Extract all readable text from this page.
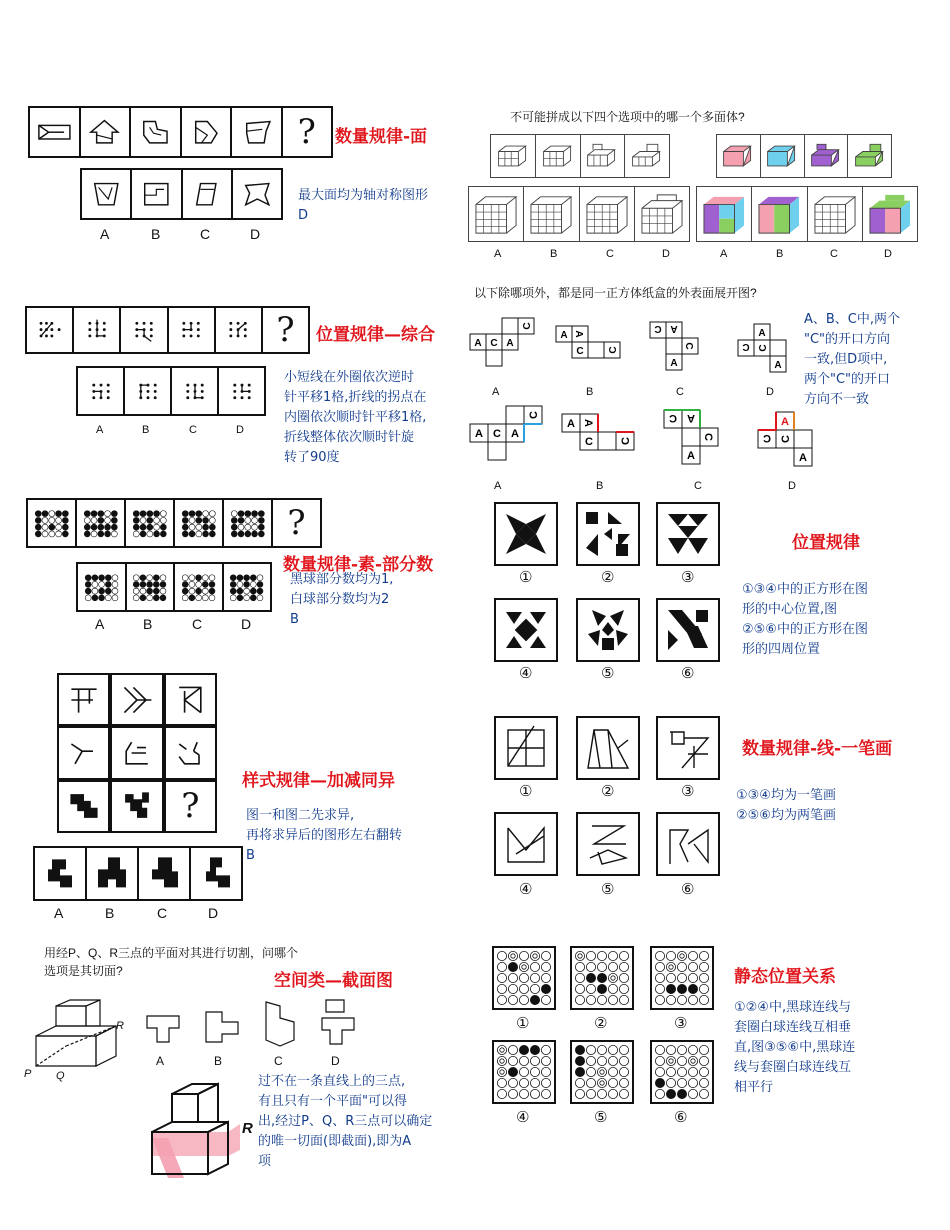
? 数量规律-面
A	B	C	D
最大面均为轴对称图形
D
? 位置规律—综合
A	B	C	D
小短线在外圈依次逆时
针平移1格,折线的拐点在
内圈依次顺时针平移1格,
折线整体依次顺时针旋
转了90度
?
数量规律-素-部分数
A	B	C	D
黑球部分数均为1,
白球部分数均为2
B
?
样式规律—加减同异
图一和图二先求异,
再将求异后的图形左右翻转
B
A	B	C	D
用经P、Q、R三点的平面对其进行切割，问哪个
选项是其切面?	空间类—截面图
P Q
R
A	B	C	D
R
过不在一条直线上的三点,
有且只有一个平面"可以得
出,经过P、Q、R三点可以确定
的唯一切面(即截面),即为A
项
不可能拼成以下四个选项中的哪一个多面体?
A	B	C	D	A	B	C	D
以下除哪项外，都是同一正方体纸盒的外表面展开图?
A C A
C
A A
C C
C A
C
A
A
C C
A
A	B	C	D
A、B、C中,两个
"C"的开口方向
一致,但D项中,
两个"C"的开口
方向不一致
A C A
C
A A
C C
C A
C
A
A
C C
A
A	B	C	D
①	②	③
④	⑤	⑥
位置规律
①③④中的正方形在图
形的中心位置,图
②⑤⑥中的正方形在图
形的四周位置
①	②	③
④	⑤	⑥
数量规律-线-一笔画
①③④均为一笔画
②⑤⑥均为两笔画
①	②	③
④	⑤	⑥
静态位置关系
①②④中,黑球连线与
套圈白球连线互相垂
直,图③⑤⑥中,黑球连
线与套圈白球连线互
相平行
